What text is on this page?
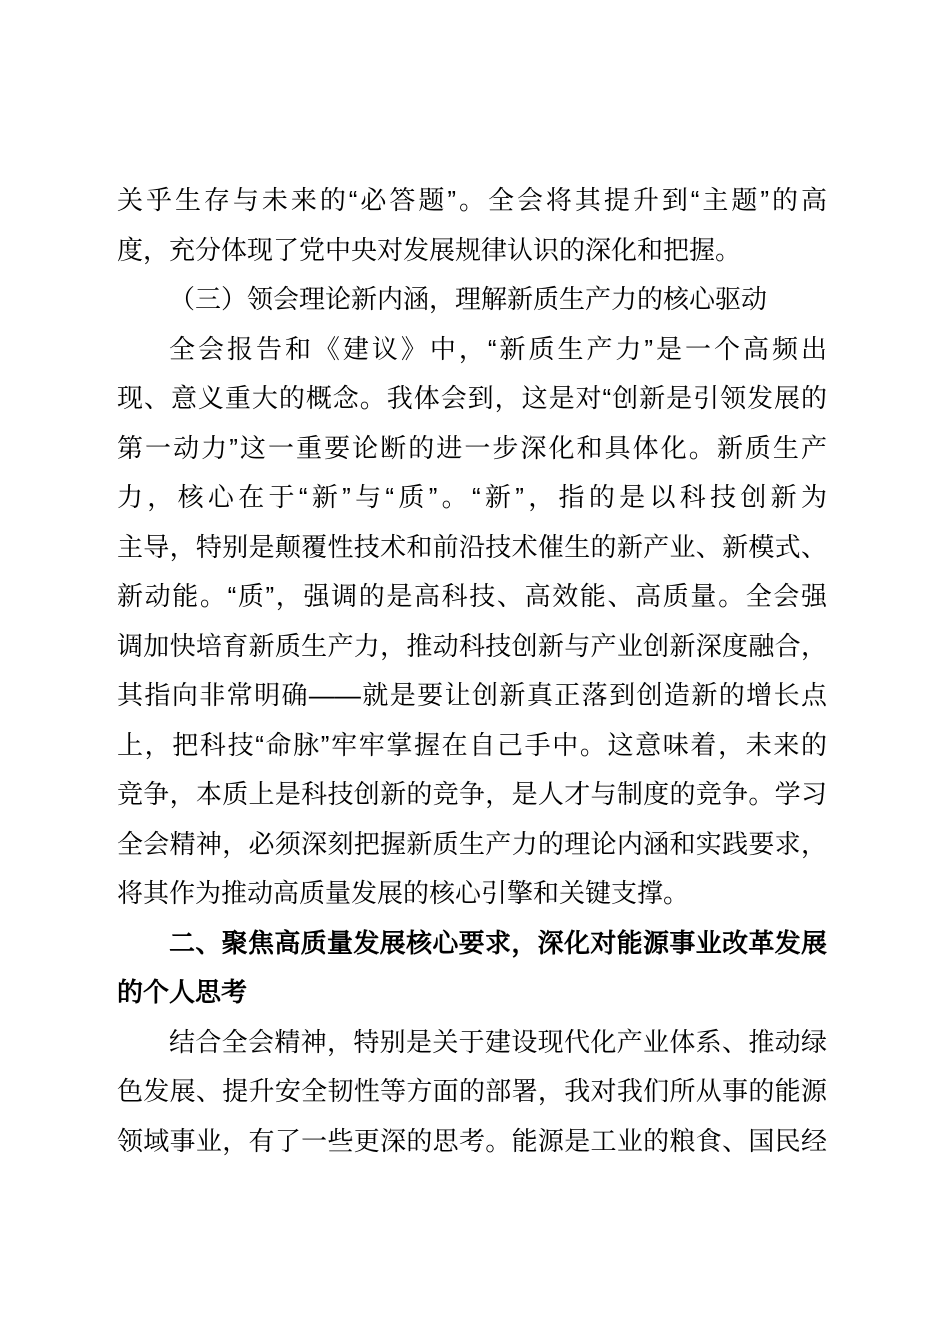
关乎生存与未来的“必答题”。全会将其提升到“主题”的高
度，充分体现了党中央对发展规律认识的深化和把握。
（三）领会理论新内涵，理解新质生产力的核心驱动
全会报告和《建议》中，“新质生产力”是一个高频出
现、意义重大的概念。我体会到，这是对“创新是引领发展的
第一动力”这一重要论断的进一步深化和具体化。新质生产
力，核心在于“新”与“质”。“新”，指的是以科技创新为
主导，特别是颠覆性技术和前沿技术催生的新产业、新模式、
新动能。“质”，强调的是高科技、高效能、高质量。全会强
调加快培育新质生产力，推动科技创新与产业创新深度融合，
其指向非常明确——就是要让创新真正落到创造新的增长点
上，把科技“命脉”牢牢掌握在自己手中。这意味着，未来的
竞争，本质上是科技创新的竞争，是人才与制度的竞争。学习
全会精神，必须深刻把握新质生产力的理论内涵和实践要求，
将其作为推动高质量发展的核心引擎和关键支撑。
二、聚焦高质量发展核心要求，深化对能源事业改革发展
的个人思考
结合全会精神，特别是关于建设现代化产业体系、推动绿
色发展、提升安全韧性等方面的部署，我对我们所从事的能源
领域事业，有了一些更深的思考。能源是工业的粮食、国民经
